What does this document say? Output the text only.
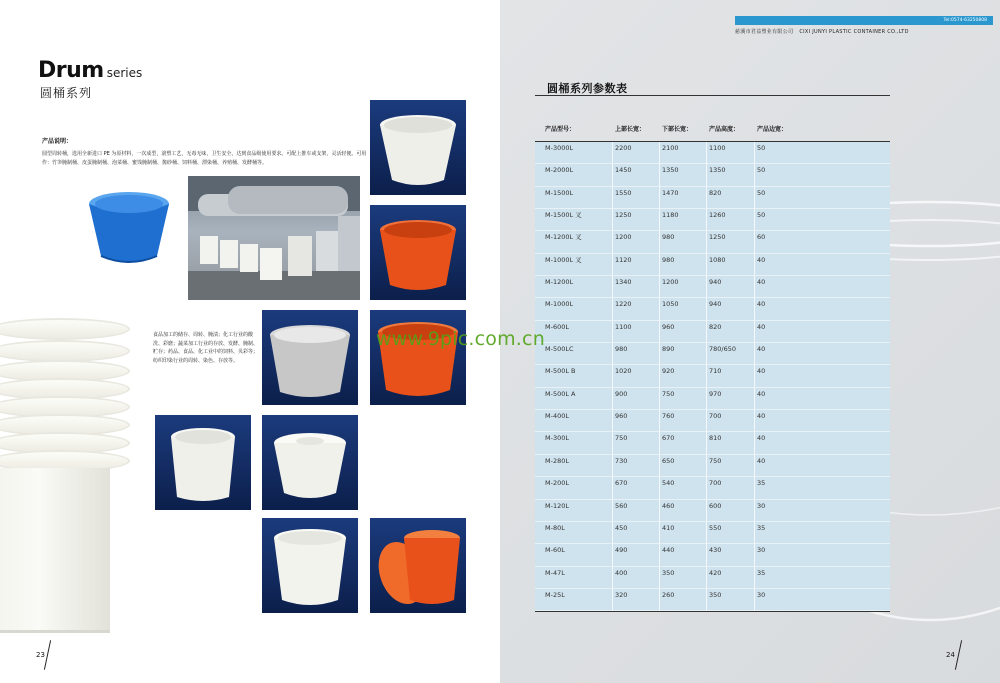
Drum series
圆桶系列
产品说明：
圆型周转桶，选用全新进口 PE 为原材料，一次成型，滚塑工艺，无毒无味，卫生安全，达到食品级使用要求。可配上推车或支架，灵活轻便。可用作：竹笋腌制桶、皮蛋腌制桶、泡菜桶、蜜饯腌制桶、酱砂桶、饲料桶、漂染桶、养殖桶、发酵桶等。
食品加工的储存、周转、腌渍；化工行业的酸洗、彩磨；蔬菜加工行业的存放、发酵、腌制、贮存；药品、食品、化工业中的饲料、贝彩等；纺织印染行业的周转、染色、存放等。
23
Tel:0574-63250808
慈溪市君益塑业有限公司 CIXI JUNYI PLASTIC CONTAINER CO.,LTD
圆桶系列参数表
产品型号：	上部长宽：	下部长宽：	产品高度：	产品边宽：
M-3000L	2200	2100	1100	50
M-2000L	1450	1350	1350	50
M-1500L	1550	1470	820	50
M-1500L 叉	1250	1180	1260	50
M-1200L 叉	1200	980	1250	60
M-1000L 叉	1120	980	1080	40
M-1200L	1340	1200	940	40
M-1000L	1220	1050	940	40
M-600L	1100	960	820	40
M-500LC	980	890	780/650	40
M-500L B	1020	920	710	40
M-500L A	900	750	970	40
M-400L	960	760	700	40
M-300L	750	670	810	40
M-280L	730	650	750	40
M-200L	670	540	700	35
M-120L	560	460	600	30
M-80L	450	410	550	35
M-60L	490	440	430	30
M-47L	400	350	420	35
M-25L	320	260	350	30
www.9pic.com.cn
24
